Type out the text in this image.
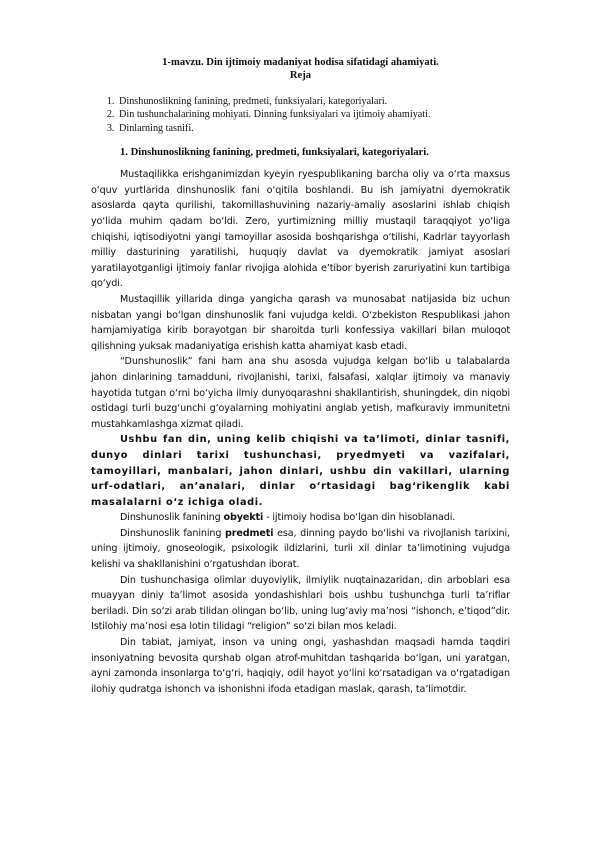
1-mavzu. Din ijtimoiy madaniyat hodisa sifatidagi ahamiyati.

Reja

1. Dinshunoslikning fanining, predmeti, funksiyalari, kategoriyalari.
2. Din tushunchalarining mohiyati. Dinning funksiyalari va ijtimoiy ahamiyati.
3. Dinlarning tasnifi.

1. Dinshunoslikning fanining, predmeti, funksiyalari, kategoriyalari.

Mustaqilikka erishganimizdan kyeyin ryespublikaning barcha oliy va o‘rta maxsus o‘quv yurtlarida dinshunoslik fani o‘qitila boshlandi. Bu ish jamiyatni dyemokratik asoslarda qayta qurilishi, takomillashuvining nazariy-amaliy asoslarini ishlab chiqish yo‘lida muhim qadam bo‘ldi. Zero, yurtimizning milliy mustaqil taraqqiyot yo‘liga chiqishi, iqtisodiyotni yangi tamoyillar asosida boshqarishga o‘tilishi, Kadrlar tayyorlash milliy dasturining yaratilishi, huquqiy davlat va dyemokratik jamiyat asoslari yaratilayotganligi ijtimoiy fanlar rivojiga alohida e’tibor byerish zaruriyatini kun tartibiga qo‘ydi.

Mustaqillik yillarida dinga yangicha qarash va munosabat natijasida biz uchun nisbatan yangi bo‘lgan dinshunoslik fani vujudga keldi. O‘zbekiston Respublikasi jahon hamjamiyatiga kirib borayotgan bir sharoitda turli konfessiya vakillari bilan muloqot qilishning yuksak madaniyatiga erishish katta ahamiyat kasb etadi.

“Dunshunoslik” fani ham ana shu asosda vujudga kelgan bo‘lib u talabalarda jahon dinlarining tamadduni, rivojlanishi, tarixi, falsafasi, xalqlar ijtimoiy va manaviy hayotida tutgan o‘rni bo‘yicha ilmiy dunyoqarashni shakllantirish, shuningdek, din niqobi ostidagi turli buzg‘unchi g‘oyalarning mohiyatini anglab yetish, mafkuraviy immunitetni mustahkamlashga xizmat qiladi.

Ushbu fan din, uning kelib chiqishi va ta’limoti, dinlar tasnifi, dunyo dinlari tarixi tushunchasi, pryedmyeti va vazifalari, tamoyillari, manbalari, jahon dinlari, ushbu din vakillari, ularning urf-odatlari, an’analari, dinlar o‘rtasidagi bag‘rikenglik kabi masalalarni o‘z ichiga oladi.

Dinshunoslik fanining obyekti - ijtimoiy hodisa bo‘lgan din hisoblanadi.

Dinshunoslik fanining predmeti esa, dinning paydo bo‘lishi va rivojlanish tarixini, uning ijtimoiy, gnoseologik, psixologik ildizlarini, turli xil dinlar ta’limotining vujudga kelishi va shakllanishini o‘rgatushdan iborat.

Din tushunchasiga olimlar duyoviylik, ilmiylik nuqtainazaridan, din arboblari esa muayyan diniy ta’limot asosida yondashishlari bois ushbu tushunchga turli ta’riflar beriladi. Din so‘zi arab tilidan olingan bo‘lib, uning lug‘aviy ma’nosi “ishonch, e’tiqod”dir. Istilohiy ma’nosi esa lotin tilidagi “religion” so‘zi bilan mos keladi.

Din tabiat, jamiyat, inson va uning ongi, yashashdan maqsadi hamda taqdiri insoniyatning bevosita qurshab olgan atrof-muhitdan tashqarida bo‘lgan, uni yaratgan, ayni zamonda insonlarga to‘g‘ri, haqiqiy, odil hayot yo‘lini ko‘rsatadigan va o‘rgatadigan ilohiy qudratga ishonch va ishonishni ifoda etadigan maslak, qarash, ta’limotdir.
